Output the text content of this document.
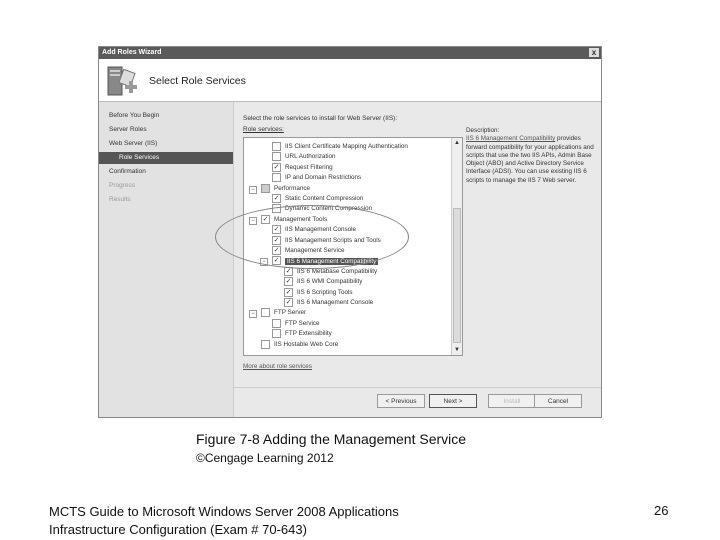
Add Roles Wizard	x
Select Role Services
Before You Begin
Server Roles
Web Server (IIS)
Role Services
Confirmation
Progress
Results
Select the role services to install for Web Server (IIS):
Role services:
IIS Client Certificate Mapping Authentication
URL Authorization
✓ Request Filtering
IP and Domain Restrictions
−	Performance
✓ Static Content Compression
Dynamic Content Compression
−	✓ Management Tools
✓ IIS Management Console
✓ IIS Management Scripts and Tools
✓ Management Service
−	✓ IIS 6 Management Compatibility
✓ IIS 6 Metabase Compatibility
✓ IIS 6 WMI Compatibility
✓ IIS 6 Scripting Tools
✓ IIS 6 Management Console
−	FTP Server
FTP Service
FTP Extensibility
IIS Hostable Web Core
▲
▼
Description:
IIS 6 Management Compatibility provides forward compatibility for your applications and scripts that use the two IIS APIs, Admin Base Object (ABO) and Active Directory Service Interface (ADSI). You can use existing IIS 6 scripts to manage the IIS 7 Web server.
More about role services
< Previous	Next >	Install	Cancel
Figure 7-8 Adding the Management Service
©Cengage Learning 2012
MCTS Guide to Microsoft Windows Server 2008 Applications
Infrastructure Configuration (Exam # 70-643)
26
